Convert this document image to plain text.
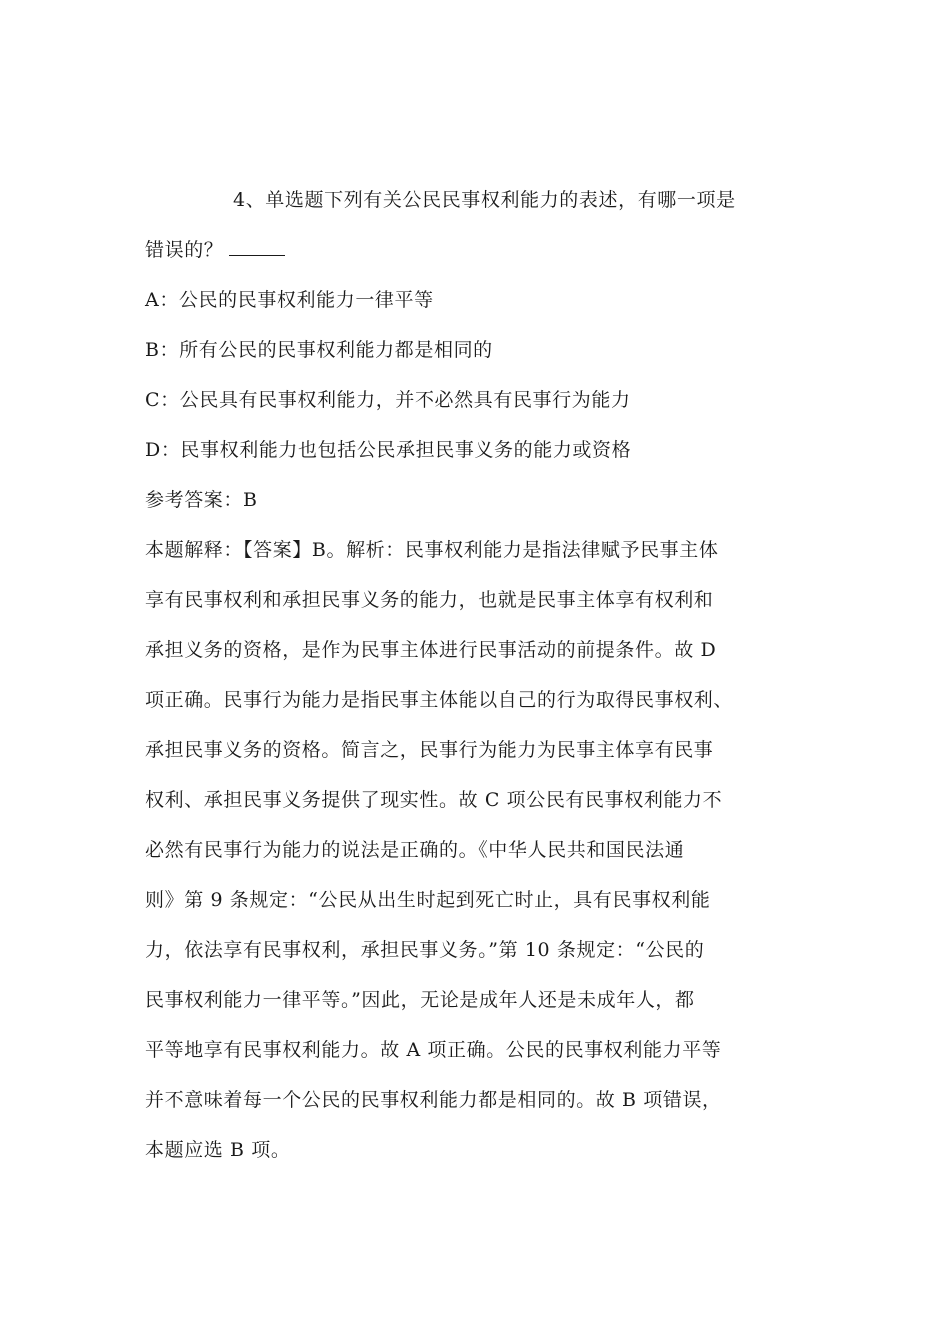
4、单选题下列有关公民民事权利能力的表述，有哪一项是
错误的？
A：公民的民事权利能力一律平等
B：所有公民的民事权利能力都是相同的
C：公民具有民事权利能力，并不必然具有民事行为能力
D：民事权利能力也包括公民承担民事义务的能力或资格
参考答案：B
本题解释：【答案】B。解析：民事权利能力是指法律赋予民事主体
享有民事权利和承担民事义务的能力，也就是民事主体享有权利和
承担义务的资格，是作为民事主体进行民事活动的前提条件。故 D
项正确。民事行为能力是指民事主体能以自己的行为取得民事权利、
承担民事义务的资格。简言之，民事行为能力为民事主体享有民事
权利、承担民事义务提供了现实性。故 C 项公民有民事权利能力不
必然有民事行为能力的说法是正确的。《中华人民共和国民法通
则》第 9 条规定：“公民从出生时起到死亡时止，具有民事权利能
力，依法享有民事权利，承担民事义务。”第 10 条规定：“公民的
民事权利能力一律平等。”因此，无论是成年人还是未成年人，都
平等地享有民事权利能力。故 A 项正确。公民的民事权利能力平等
并不意味着每一个公民的民事权利能力都是相同的。故 B 项错误，
本题应选 B 项。
